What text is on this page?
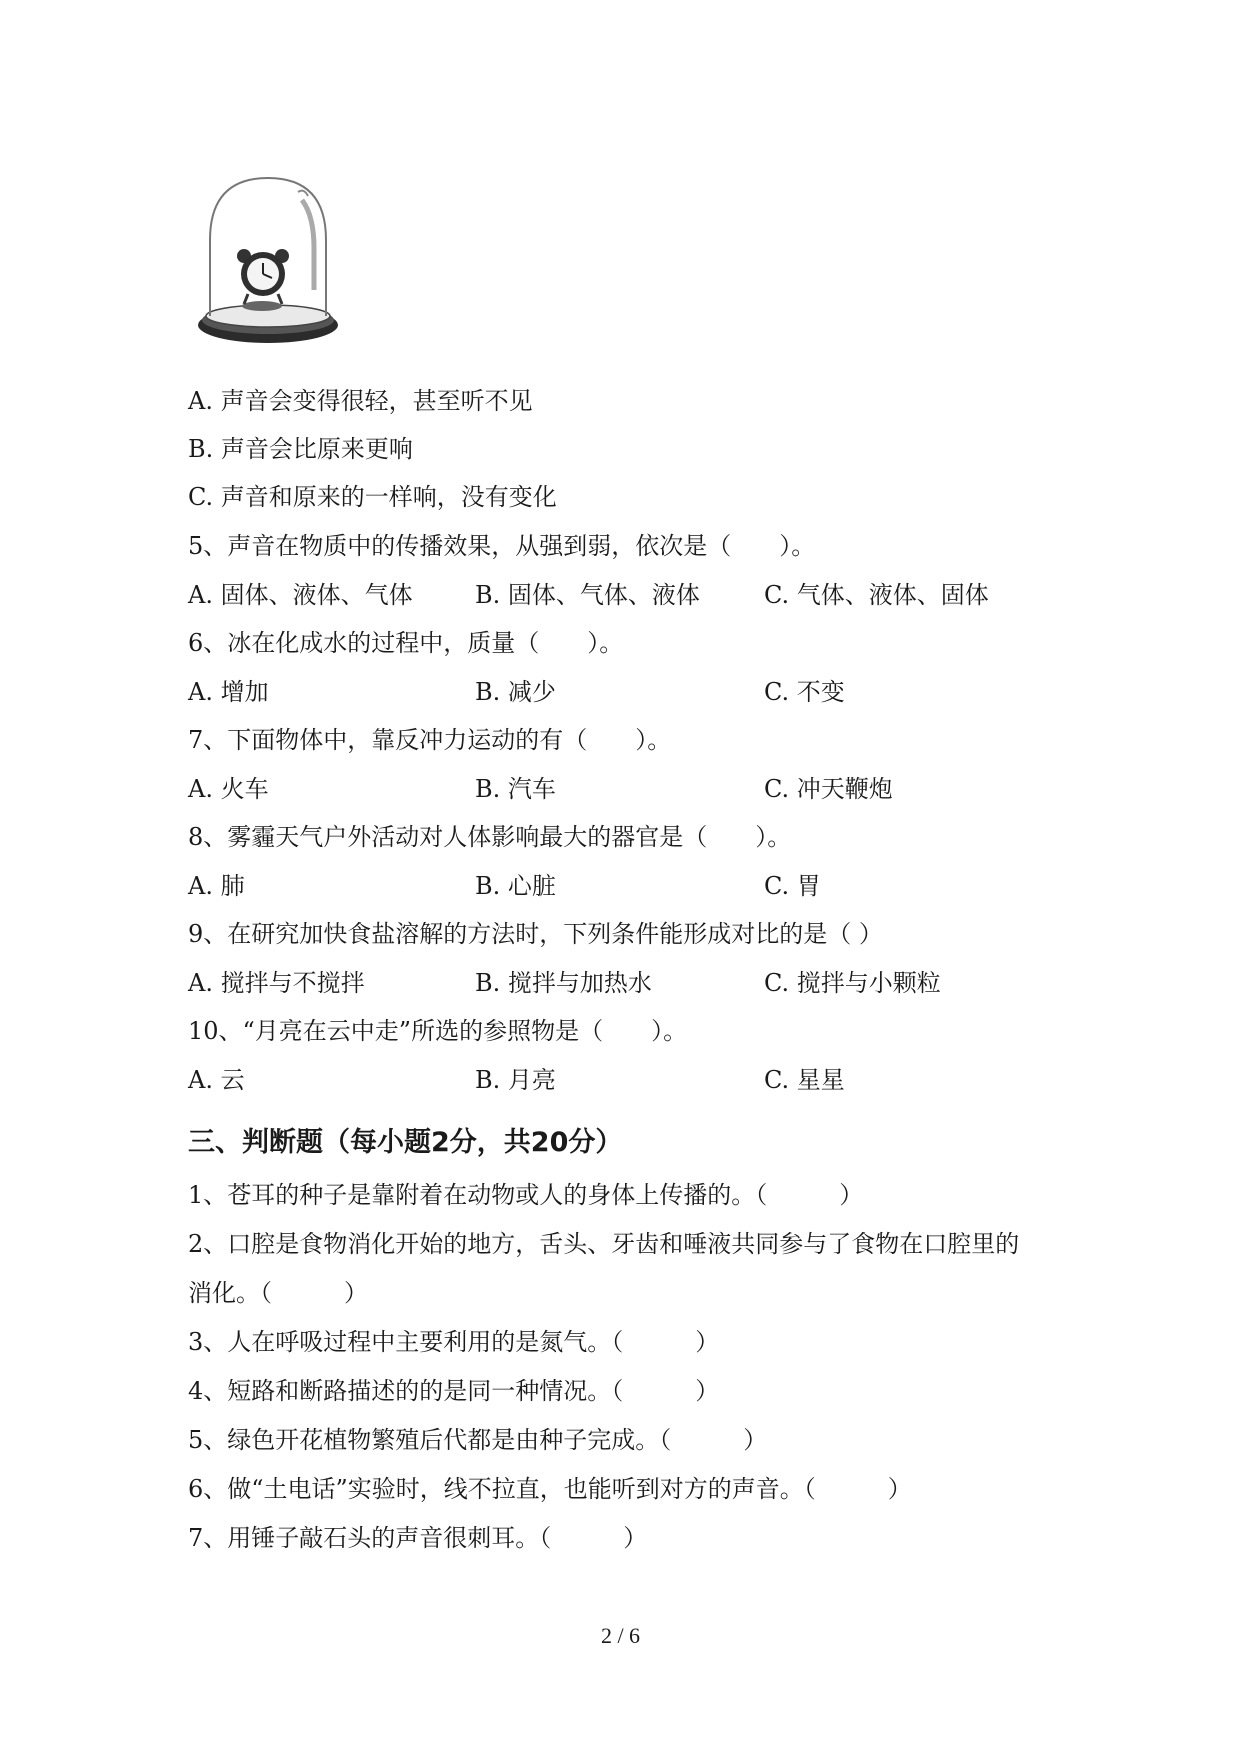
A. 声音会变得很轻，甚至听不见
B. 声音会比原来更响
C. 声音和原来的一样响，没有变化
5、声音在物质中的传播效果，从强到弱，依次是（　　）。
A. 固体、液体、气体	B. 固体、气体、液体	C. 气体、液体、固体
6、冰在化成水的过程中，质量（　　）。
A. 增加	B. 减少	C. 不变
7、下面物体中，靠反冲力运动的有（　　）。
A. 火车	B. 汽车	C. 冲天鞭炮
8、雾霾天气户外活动对人体影响最大的器官是（　　）。
A. 肺	B. 心脏	C. 胃
9、在研究加快食盐溶解的方法时，下列条件能形成对比的是（ ）
A. 搅拌与不搅拌	B. 搅拌与加热水	C. 搅拌与小颗粒
10、“月亮在云中走”所选的参照物是（　　）。
A. 云	B. 月亮	C. 星星
三、判断题（每小题2分，共20分）
1、苍耳的种子是靠附着在动物或人的身体上传播的。（　　　）
2、口腔是食物消化开始的地方，舌头、牙齿和唾液共同参与了食物在口腔里的
消化。（　　　）
3、人在呼吸过程中主要利用的是氮气。（　　　）
4、短路和断路描述的的是同一种情况。（　　　）
5、绿色开花植物繁殖后代都是由种子完成。（　　　）
6、做“土电话”实验时，线不拉直，也能听到对方的声音。（　　　）
7、用锤子敲石头的声音很刺耳。（　　　）
2 / 6
